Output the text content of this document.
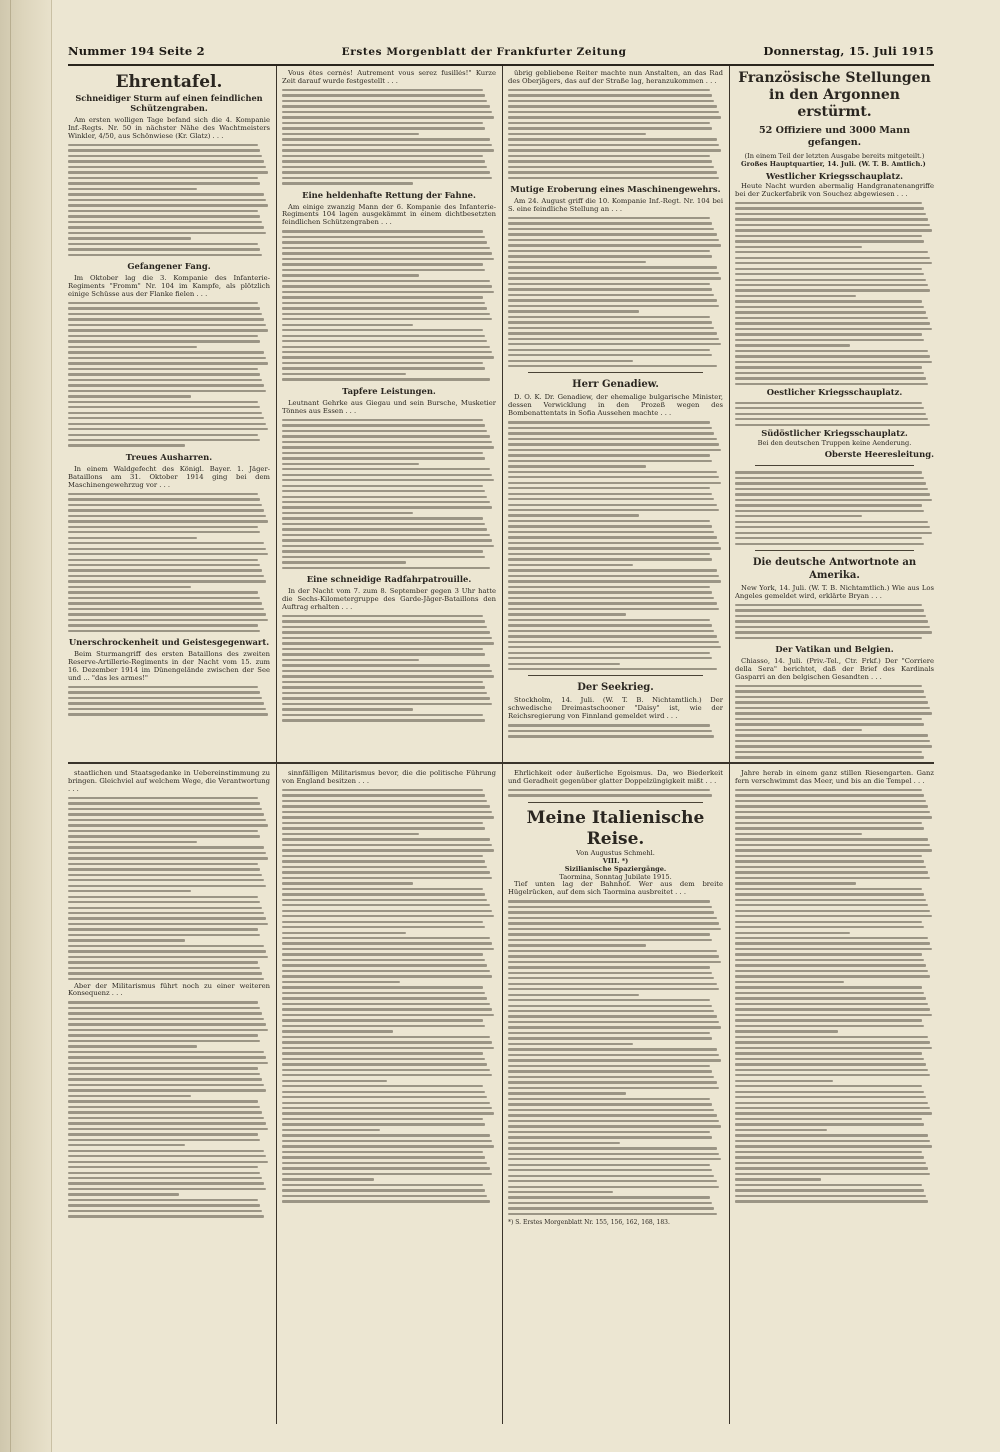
Nummer 194 Seite 2	Erstes Morgenblatt der Frankfurter Zeitung	Donnerstag, 15. Juli 1915
Ehrentafel.
Schneidiger Sturm auf einen feindlichen Schützengraben.

Am ersten wolligen Tage befand sich die 4. Kompanie Inf.-Regts. Nr. 50 in nächster Nähe des Wachtmeisters Winkler, 4/50, aus Schönwiese (Kr. Glatz) . . .

Gefangener Fang.

Im Oktober lag die 3. Kompanie des Infanterie-Regiments "Fromm" Nr. 104 im Kampfe, als plötzlich einige Schüsse aus der Flanke fielen . . .

Treues Ausharren.

In einem Waldgefecht des Königl. Bayer. 1. Jäger-Bataillons am 31. Oktober 1914 ging bei dem Maschinengewehrzug vor . . .

Unerschrockenheit und Geistesgegenwart.

Beim Sturmangriff des ersten Bataillons des zweiten Reserve-Artillerie-Regiments in der Nacht vom 15. zum 16. Dezember 1914 im Dünengelände zwischen der See und ... "das les armes!"

Vous êtes cernés! Autrement vous serez fusillés!" Kurze Zeit darauf wurde festgestellt . . .

Eine heldenhafte Rettung der Fahne.

Am einige zwanzig Mann der 6. Kompanie des Infanterie-Regiments 104 lagen ausgekämmt in einem dichtbesetzten feindlichen Schützengraben . . .

Tapfere Leistungen.

Leutnant Gehrke aus Giegau und sein Bursche, Musketier Tönnes aus Essen . . .

Eine schneidige Radfahrpatrouille.

In der Nacht vom 7. zum 8. September gegen 3 Uhr hatte die Sechs-Kilometergruppe des Garde-Jäger-Bataillons den Auftrag erhalten . . .

übrig gebliebene Reiter machte nun Anstalten, an das Rad des Oberjägers, das auf der Straße lag, heranzukommen . . .

Mutige Eroberung eines Maschinengewehrs.

Am 24. August griff die 10. Kompanie Inf.-Regt. Nr. 104 bei S. eine feindliche Stellung an . . .

Herr Genadiew.

D. O. K. Dr. Genadiew, der ehemalige bulgarische Minister, dessen Verwicklung in den Prozeß wegen des Bombenattentats in Sofia Aussehen machte . . .

Der Seekrieg.

Stockholm, 14. Juli. (W. T. B. Nichtamtlich.) Der schwedische Dreimastschooner "Daisy" ist, wie der Reichsregierung von Finnland gemeldet wird . . .

Französische Stellungen in den Argonnen erstürmt.
52 Offiziere und 3000 Mann gefangen.
(In einem Teil der letzten Ausgabe bereits mitgeteilt.)

Großes Hauptquartier, 14. Juli. (W. T. B. Amtlich.)

Westlicher Kriegsschauplatz.

Heute Nacht wurden abermalig Handgranatenangriffe bei der Zuckerfabrik von Souchez abgewiesen . . .

Oestlicher Kriegsschauplatz.
Südöstlicher Kriegsschauplatz.
Bei den deutschen Truppen keine Aenderung.
Oberste Heeresleitung.
Die deutsche Antwortnote an Amerika.

New York, 14. Juli. (W. T. B. Nichtamtlich.) Wie aus Los Angeles gemeldet wird, erklärte Bryan . . .

Der Vatikan und Belgien.

Chiasso, 14. Juli. (Priv.-Tel., Ctr. Frkf.) Der "Corriere della Sera" berichtet, daß der Brief des Kardinals Gasparri an den belgischen Gesandten . . .

staatlichen und Staatsgedanke in Uebereinstimmung zu bringen. Gleichviel auf welchem Wege, die Verantwortung . . .

Aber der Militarismus führt noch zu einer weiteren Konsequenz . . .

sinnfälligen Militarismus bevor, die die politische Führung von England besitzen . . .

Ehrlichkeit oder äußerliche Egoismus. Da, wo Biederkeit und Geradheit gegenüber glatter Doppelzüngigkeit mißt . . .

Meine Italienische Reise.
Von Augustus Schmehl.
VIII. *)
Sizilianische Spaziergänge.
Taormina, Sonntag Jubilate 1915.

Tief unten lag der Bahnhof. Wer aus dem breite Hügelrücken, auf dem sich Taormina ausbreitet . . .

*) S. Erstes Morgenblatt Nr. 155, 156, 162, 168, 183.

Jahre herab in einem ganz stillen Riesengarten. Ganz fern verschwimmt das Meer, und bis an die Tempel . . .
